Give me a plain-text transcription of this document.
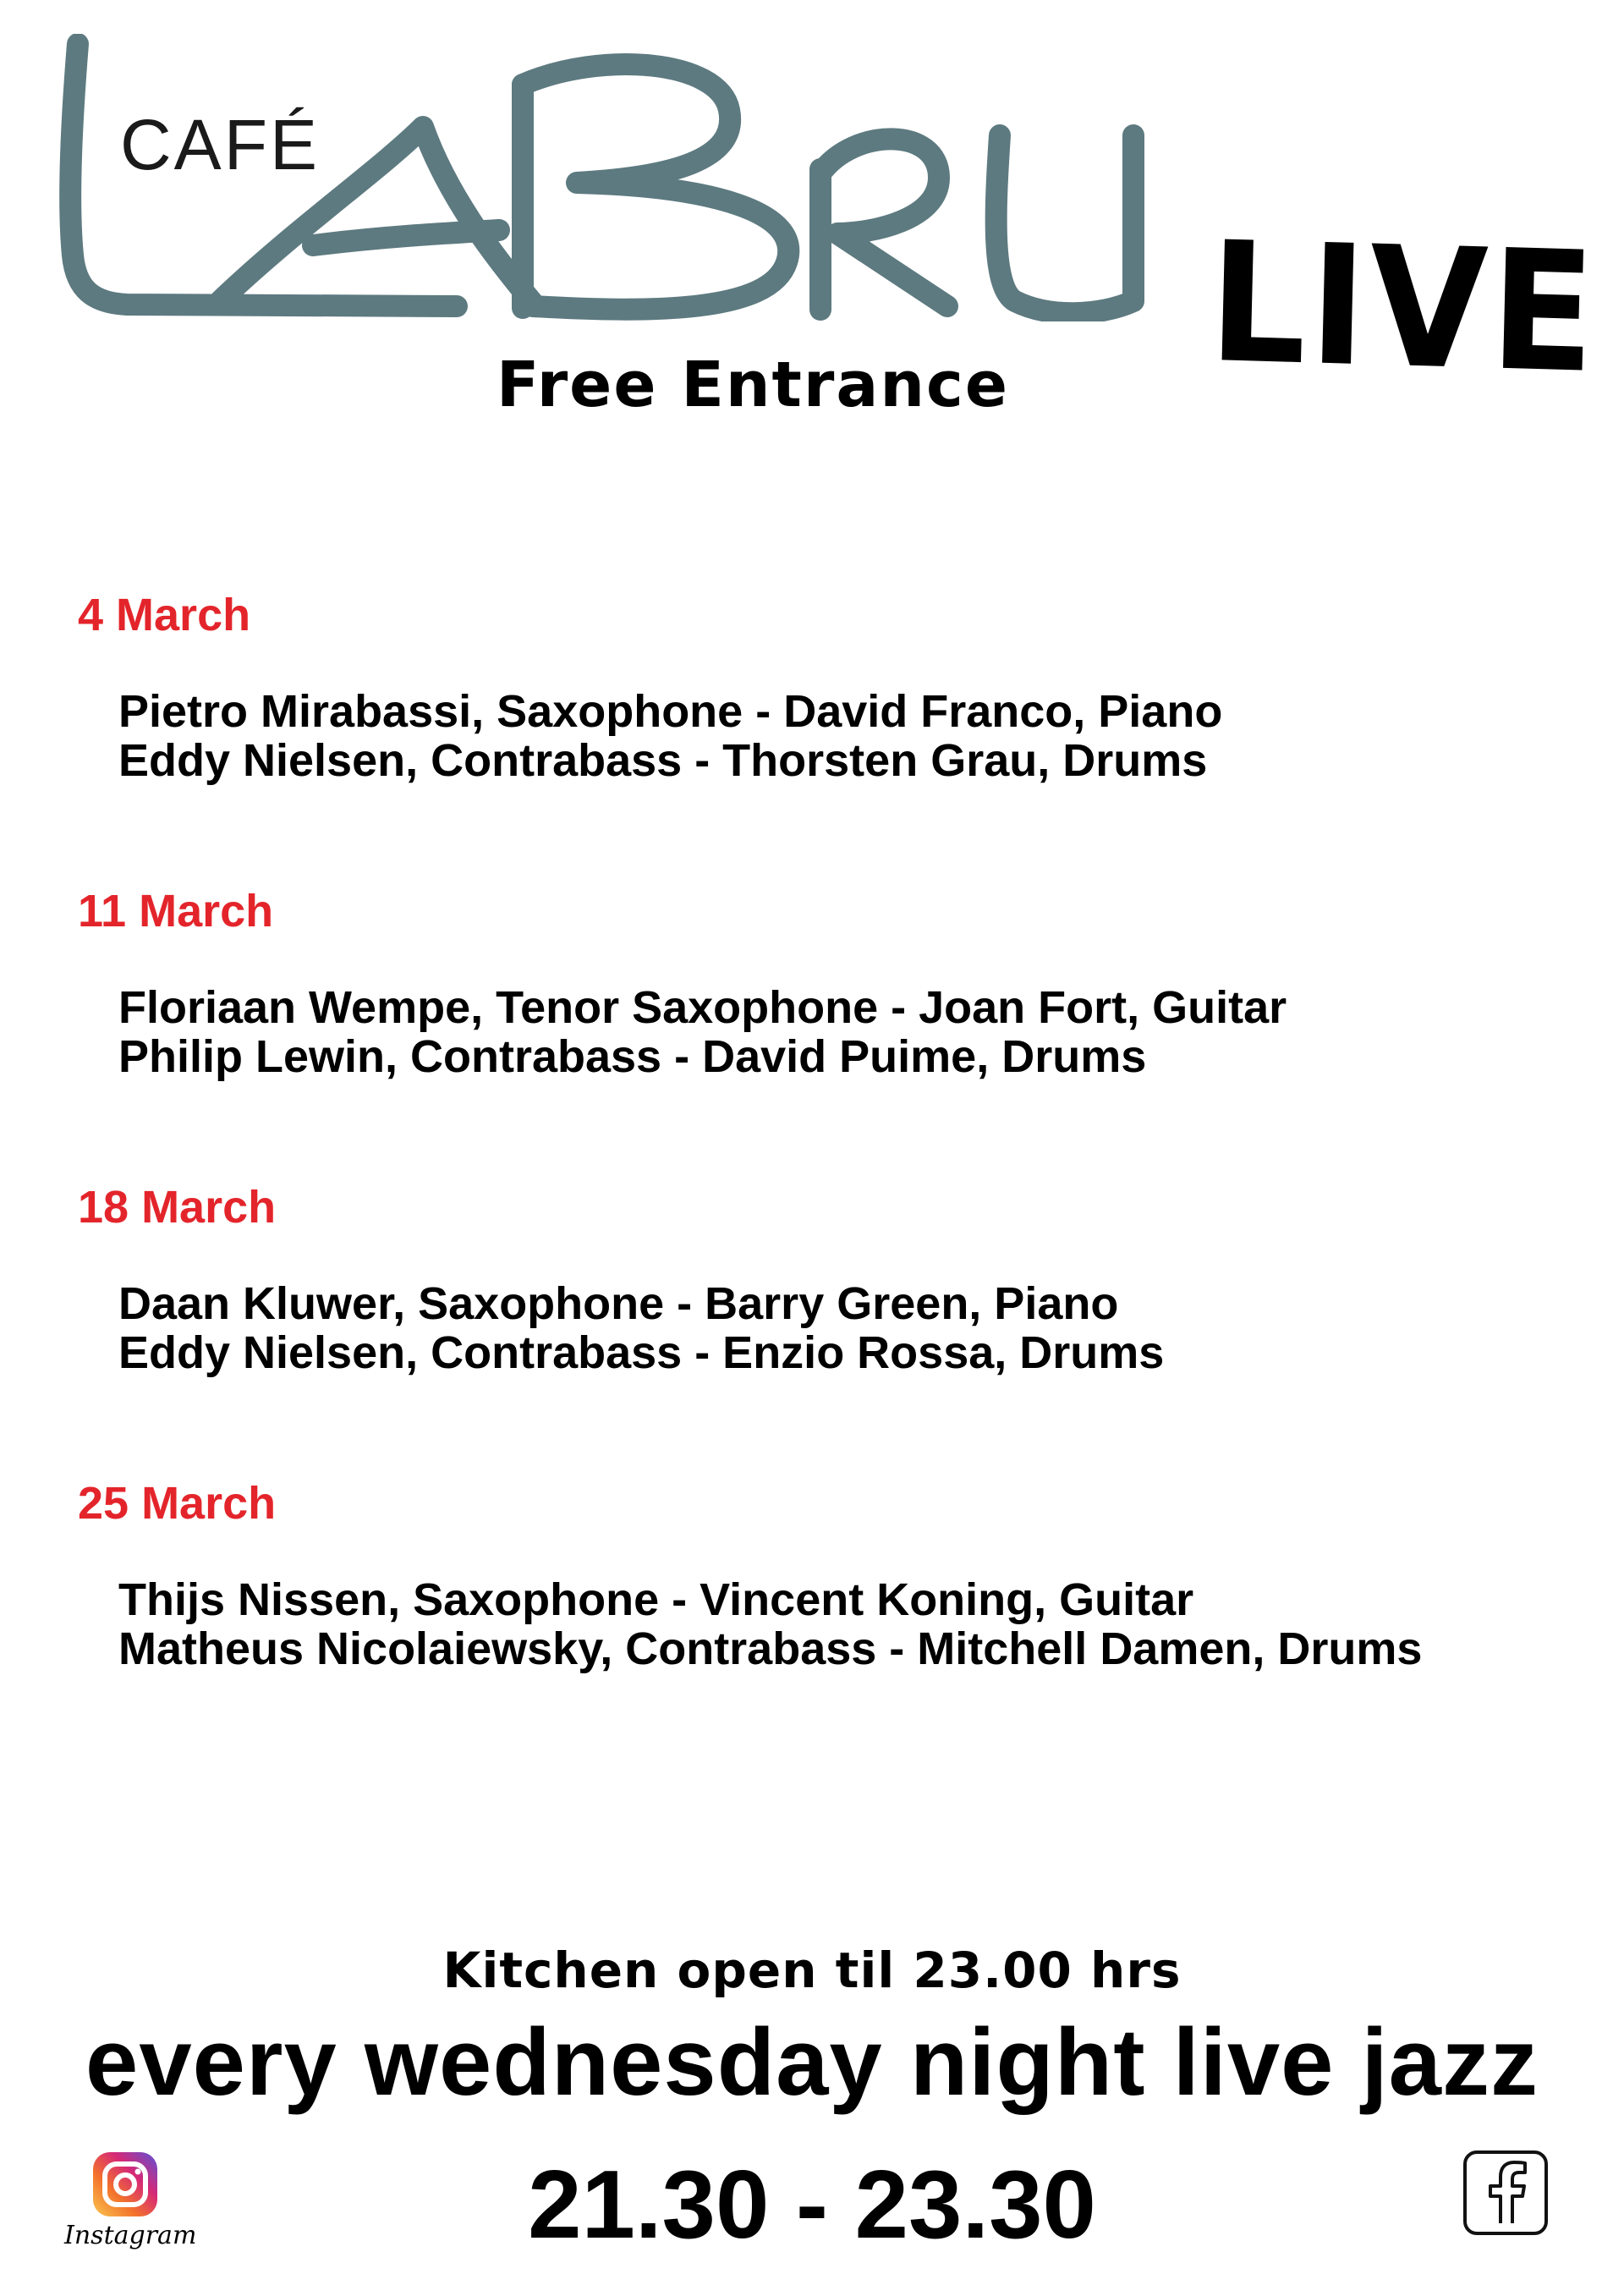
CAFÉ
LIVE
Free Entrance
4 March
Pietro Mirabassi, Saxophone - David Franco, Piano
Eddy Nielsen, Contrabass - Thorsten Grau, Drums
11 March
Floriaan Wempe, Tenor Saxophone - Joan Fort, Guitar
Philip Lewin, Contrabass - David Puime, Drums
18 March
Daan Kluwer, Saxophone - Barry Green, Piano
Eddy Nielsen, Contrabass - Enzio Rossa, Drums
25 March
Thijs Nissen, Saxophone - Vincent Koning, Guitar
Matheus Nicolaiewsky, Contrabass - Mitchell Damen, Drums
Kitchen open til 23.00 hrs
every wednesday night live jazz
21.30 - 23.30
Instagram
